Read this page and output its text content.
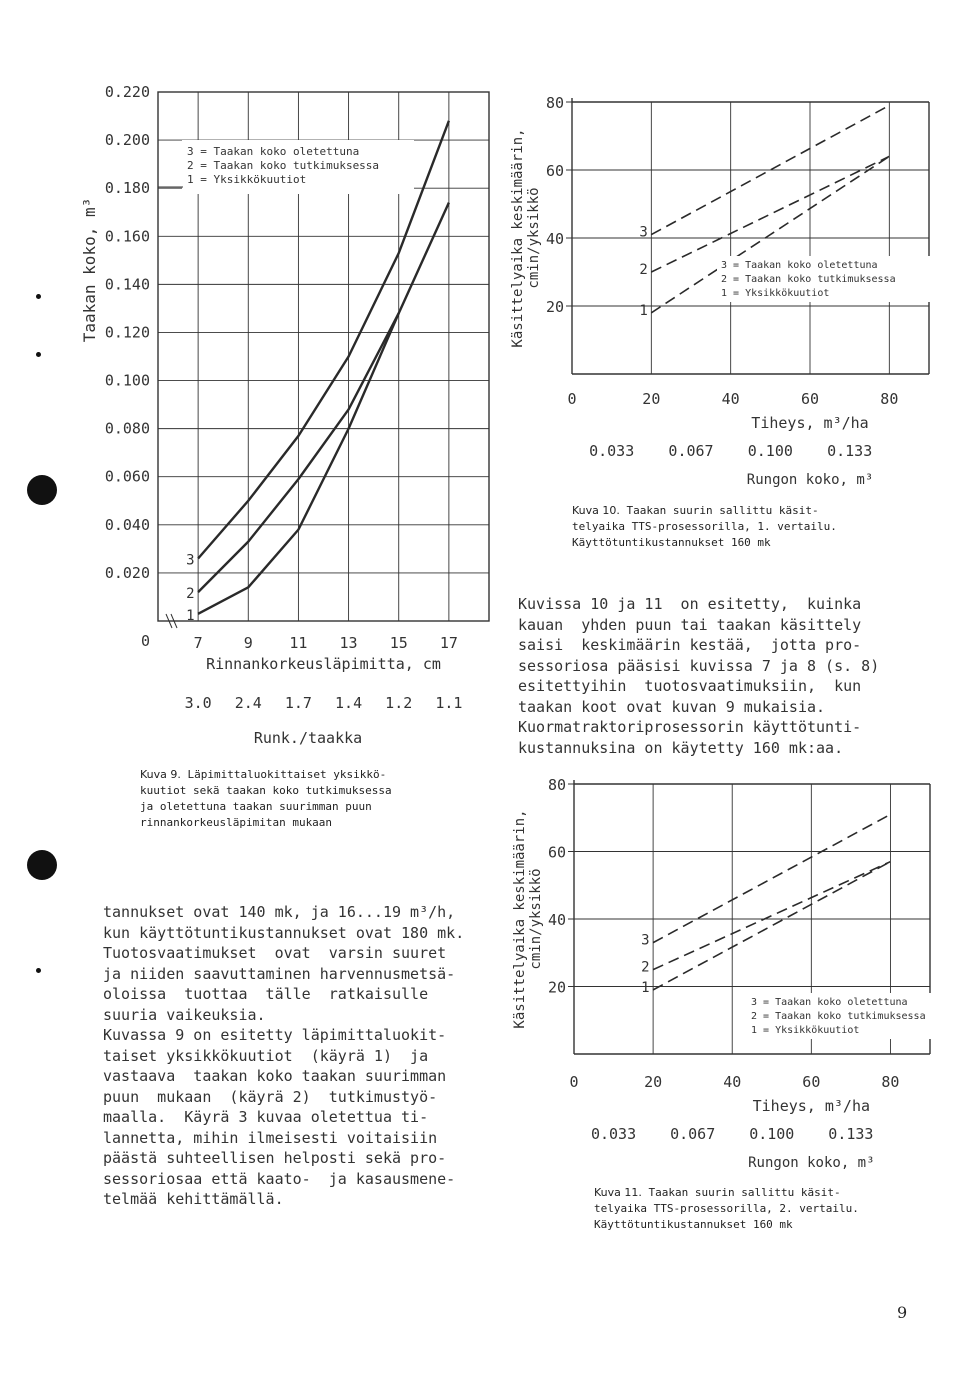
0.020
0.040
0.060
0.080
0.100
0.120
0.140
0.160
0.180
0.200
0.220
0	7	9 11 13 15 17
Rinnankorkeusläpimitta, cm
3.0 2.4 1.7 1.4 1.2 1.1
Runk./taakka
Taakan koko, m³
3 = Taakan koko oletettuna
2 = Taakan koko tutkimuksessa
1 = Yksikkökuutiot
3
2
1
20
40
60
80
0	20	40	60	80
Tiheys, m³/ha
0.033 0.067 0.100 0.133
Rungon koko, m³
Käsittelyaika keskimäärin, cmin/yksikkö	3
2
1
3 = Taakan koko oletettuna
2 = Taakan koko tutkimuksessa
1 = Yksikkökuutiot
20
40
60
80
0	20	40	60	80
Tiheys, m³/ha
0.033 0.067 0.100 0.133
Rungon koko, m³
Käsittelyaika keskimäärin, cmin/yksikkö	3
2
1
3 = Taakan koko oletettuna
2 = Taakan koko tutkimuksessa
1 = Yksikkökuutiot
Kuva 9. Läpimittaluokittaiset yksikkö-
kuutiot sekä taakan koko tutkimuksessa
ja oletettuna taakan suurimman puun
rinnankorkeusläpimitan mukaan
Kuva 10. Taakan suurin sallittu käsit-
telyaika TTS-prosessorilla, 1. vertailu.
Käyttötuntikustannukset 160 mk
Kuva 11. Taakan suurin sallittu käsit-
telyaika TTS-prosessorilla, 2. vertailu.
Käyttötuntikustannukset 160 mk
Kuvissa 10 ja 11  on esitetty,  kuinka
kauan  yhden puun tai taakan käsittely
saisi  keskimäärin kestää,  jotta pro-
sessoriosa pääsisi kuvissa 7 ja 8 (s. 8)
esitettyihin  tuotosvaatimuksiin,  kun
taakan koot ovat kuvan 9 mukaisia.
Kuormatraktoriprosessorin käyttötunti-
kustannuksina on käytetty 160 mk:aa.
tannukset ovat 140 mk, ja 16...19 m³/h,
kun käyttötuntikustannukset ovat 180 mk.
Tuotosvaatimukset  ovat  varsin suuret
ja niiden saavuttaminen harvennusmetsä-
oloissa  tuottaa  tälle  ratkaisulle
suuria vaikeuksia.
Kuvassa 9 on esitetty läpimittaluokit-
taiset yksikkökuutiot  (käyrä 1)  ja
vastaava  taakan koko taakan suurimman
puun  mukaan  (käyrä 2)  tutkimustyö-
maalla.  Käyrä 3 kuvaa oletettua ti-
lannetta, mihin ilmeisesti voitaisiin
päästä suhteellisen helposti sekä pro-
sessoriosaa että kaato-  ja kasausmene-
telmää kehittämällä.
9
